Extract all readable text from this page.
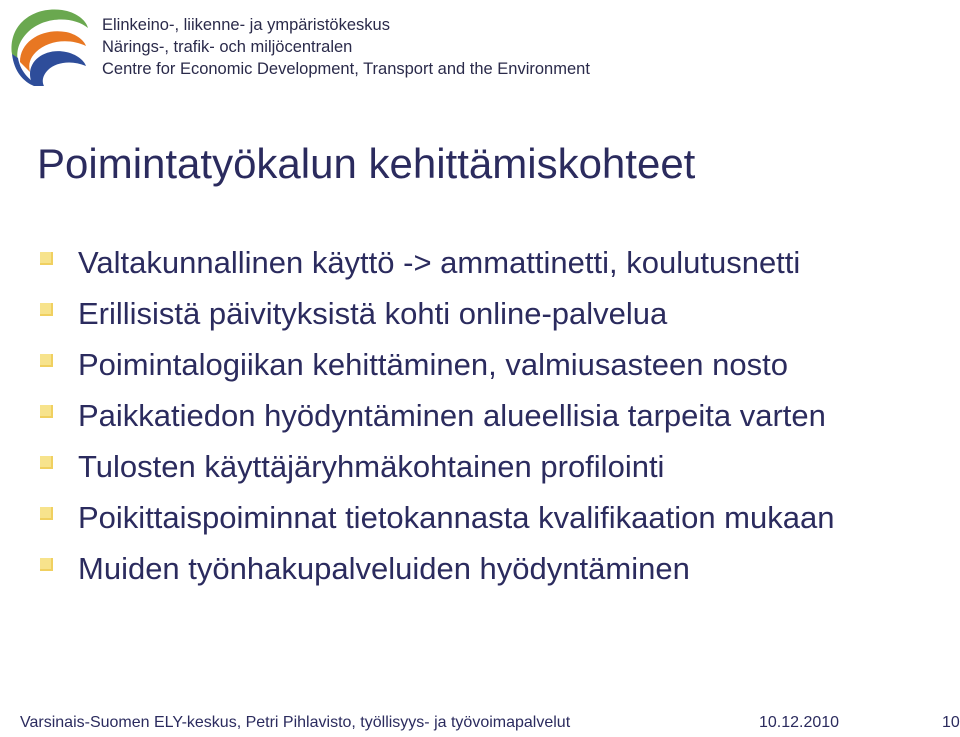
Elinkeino-, liikenne- ja ympäristökeskus
Närings-, trafik- och miljöcentralen
Centre for Economic Development, Transport and the Environment
Poimintatyökalun kehittämiskohteet
Valtakunnallinen käyttö -> ammattinetti, koulutusnetti
Erillisistä päivityksistä kohti online-palvelua
Poimintalogiikan kehittäminen, valmiusasteen nosto
Paikkatiedon hyödyntäminen alueellisia tarpeita varten
Tulosten käyttäjäryhmäkohtainen profilointi
Poikittaispoiminnat tietokannasta kvalifikaation mukaan
Muiden työnhakupalveluiden hyödyntäminen
Varsinais-Suomen ELY-keskus, Petri Pihlavisto, työllisyys- ja työvoimapalvelut	10.12.2010	10
